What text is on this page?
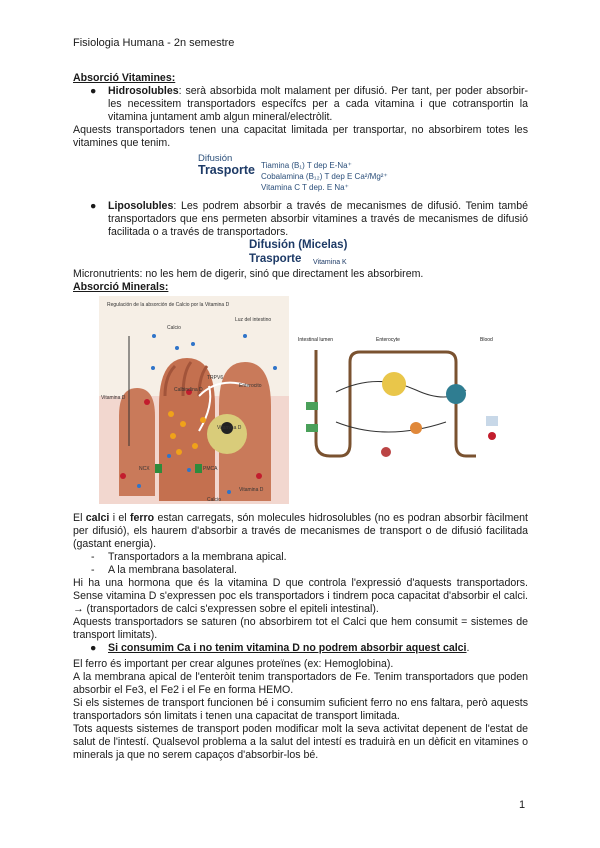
Fisiologia Humana - 2n semestre

Absorció Vitamines:

● Hidrosolubles: serà absorbida molt malament per difusió. Per tant, per poder absorbir-les necessitem transportadors específcs per a cada vitamina i que cotransportin la vitamina juntament amb algun mineral/electròlit.

Aquests transportadors tenen una capacitat limitada per transportar, no absorbirem totes les vitamines que tenim.

Difusión
Trasporte Tiamina (B₁) T dep E-Na⁺
Cobalamina (B₁₂) T dep E Ca²/Mg²⁺
Vitamina C T dep. E Na⁺
● Liposolubles: Les podrem absorbir a través de mecanismes de difusió. Tenim també transportadors que ens permeten absorbir vitamines a través de mecanismes de difusió facilitada o a través de transportadors.
Difusión (Micelas)
Trasporte Vitamina K

Micronutrients: no les hem de digerir, sinó que directament les absorbirem.

Absorció Minerals:

Regulación de la absorción de Calcio por la Vitamina D
Luz del intestino
Calcio
Calbindina D
Vitamina D
Enterocito
TRPV6
Vitamina D
NCX	PMCA
Calcio
Vitamina D
Intestinal lumen	Enterocyte	Blood

El calci i el ferro estan carregats, són molecules hidrosolubles (no es podran absorbir fàcilment per difusió), els haurem d'absorbir a través de mecanismes de transport o de difusió facilitada (gastant energia).

- Transportadors a la membrana apical.
- A la membrana basolateral.

Hi ha una hormona que és la vitamina D que controla l'expressió d'aquests transportadors. Sense vitamina D s'expressen poc els transportadors i tindrem poca capacitat d'absorbir el calci. → (transportadors de calci s'expressen sobre el epiteli intestinal).

Aquests transportadors se saturen (no absorbirem tot el Calci que hem consumit = sistemes de transport limitats).

● Si consumim Ca i no tenim vitamina D no podrem absorbir aquest calci.

El ferro és important per crear algunes proteïnes (ex: Hemoglobina).

A la membrana apical de l'enteròit tenim transportadors de Fe. Tenim transportadors que poden absorbir el Fe3, el Fe2 i el Fe en forma HEMO.

Si els sistemes de transport funcionen bé i consumim suficient ferro no ens faltara, però aquests transportadors són limitats i tenen una capacitat de transport limitada.

Tots aquests sistemes de transport poden modificar molt la seva activitat depenent de l'estat de salut de l'intestí. Qualsevol problema a la salut del intestí es traduirà en un dèficit en vitamines o minerals ja que no serem capaços d'absorbir-los bé.

1
